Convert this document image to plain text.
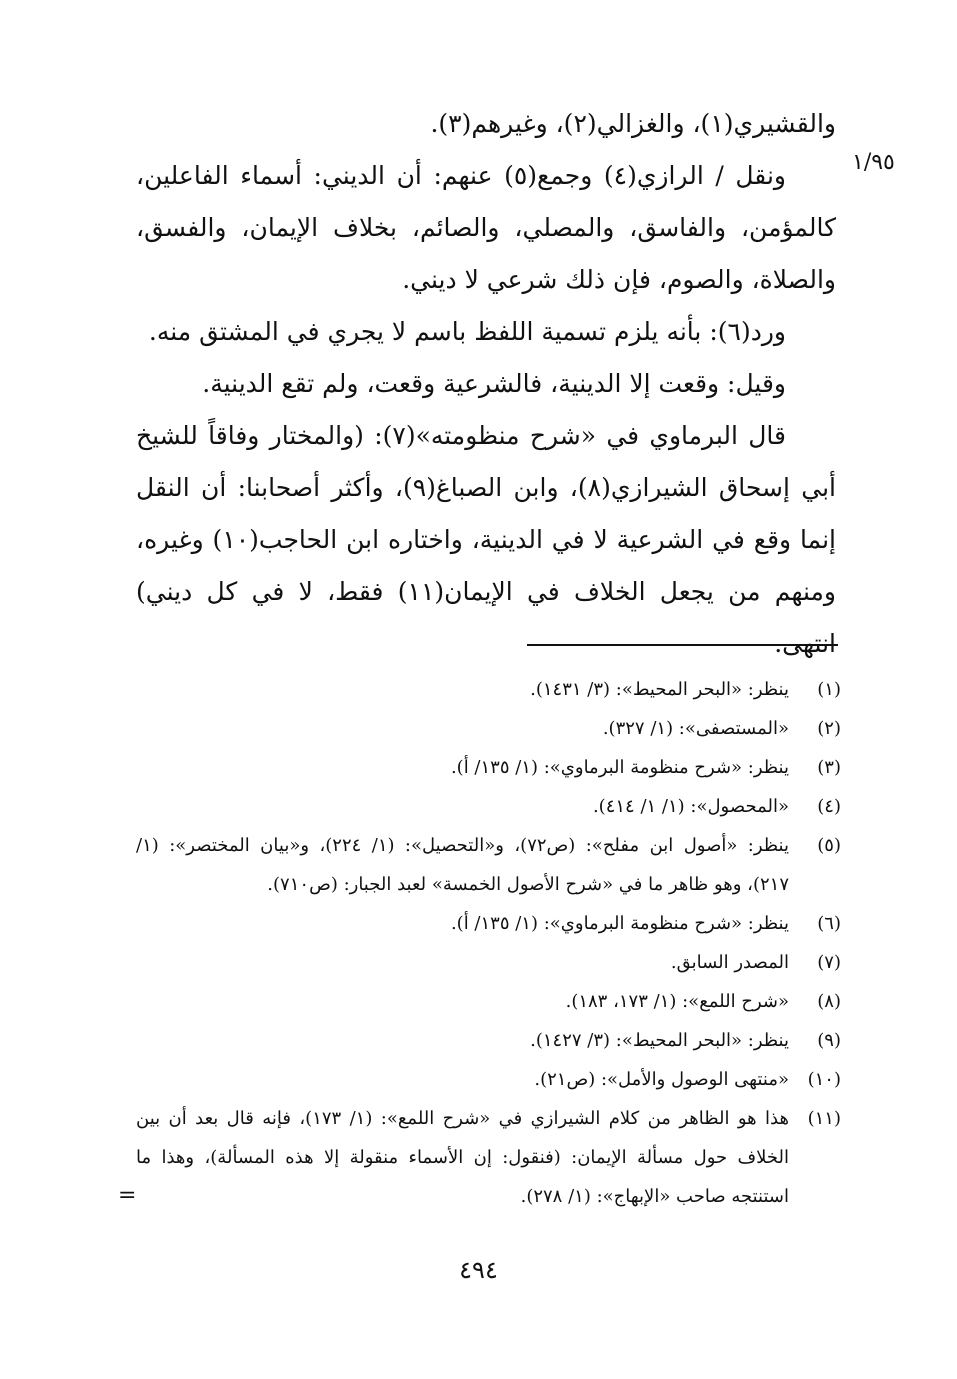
١/٩٥

والقشيري(١)، والغزالي(٢)، وغيرهم(٣).

ونقل / الرازي(٤) وجمع(٥) عنهم: أن الديني: أسماء الفاعلين، كالمؤمن، والفاسق، والمصلي، والصائم، بخلاف الإيمان، والفسق، والصلاة، والصوم، فإن ذلك شرعي لا ديني.

ورد(٦): بأنه يلزم تسمية اللفظ باسم لا يجري في المشتق منه.

وقيل: وقعت إلا الدينية، فالشرعية وقعت، ولم تقع الدينية.

قال البرماوي في «شرح منظومته»(٧): (والمختار وفاقاً للشيخ أبي إسحاق الشيرازي(٨)، وابن الصباغ(٩)، وأكثر أصحابنا: أن النقل إنما وقع في الشرعية لا في الدينية، واختاره ابن الحاجب(١٠) وغيره، ومنهم من يجعل الخلاف في الإيمان(١١) فقط، لا في كل ديني) انتهى.

(١)
ينظر: «البحر المحيط»: (٣/ ١٤٣١).
(٢)
«المستصفى»: (١/ ٣٢٧).
(٣)
ينظر: «شرح منظومة البرماوي»: (١/ ١٣٥/ أ).
(٤)
«المحصول»: (١/ ١/ ٤١٤).
(٥)
ينظر: «أصول ابن مفلح»: (ص٧٢)، و«التحصيل»: (١/ ٢٢٤)، و«بيان المختصر»: (١/ ٢١٧)، وهو ظاهر ما في «شرح الأصول الخمسة» لعبد الجبار: (ص٧١٠).
(٦)
ينظر: «شرح منظومة البرماوي»: (١/ ١٣٥/ أ).
(٧)
المصدر السابق.
(٨)
«شرح اللمع»: (١/ ١٧٣، ١٨٣).
(٩)
ينظر: «البحر المحيط»: (٣/ ١٤٢٧).
(١٠)
«منتهى الوصول والأمل»: (ص٢١).
(١١)
هذا هو الظاهر من كلام الشيرازي في «شرح اللمع»: (١/ ١٧٣)، فإنه قال بعد أن بين الخلاف حول مسألة الإيمان: (فنقول: إن الأسماء منقولة إلا هذه المسألة)، وهذا ما استنتجه صاحب «الإبهاج»: (١/ ٢٧٨).
=
٤٩٤
